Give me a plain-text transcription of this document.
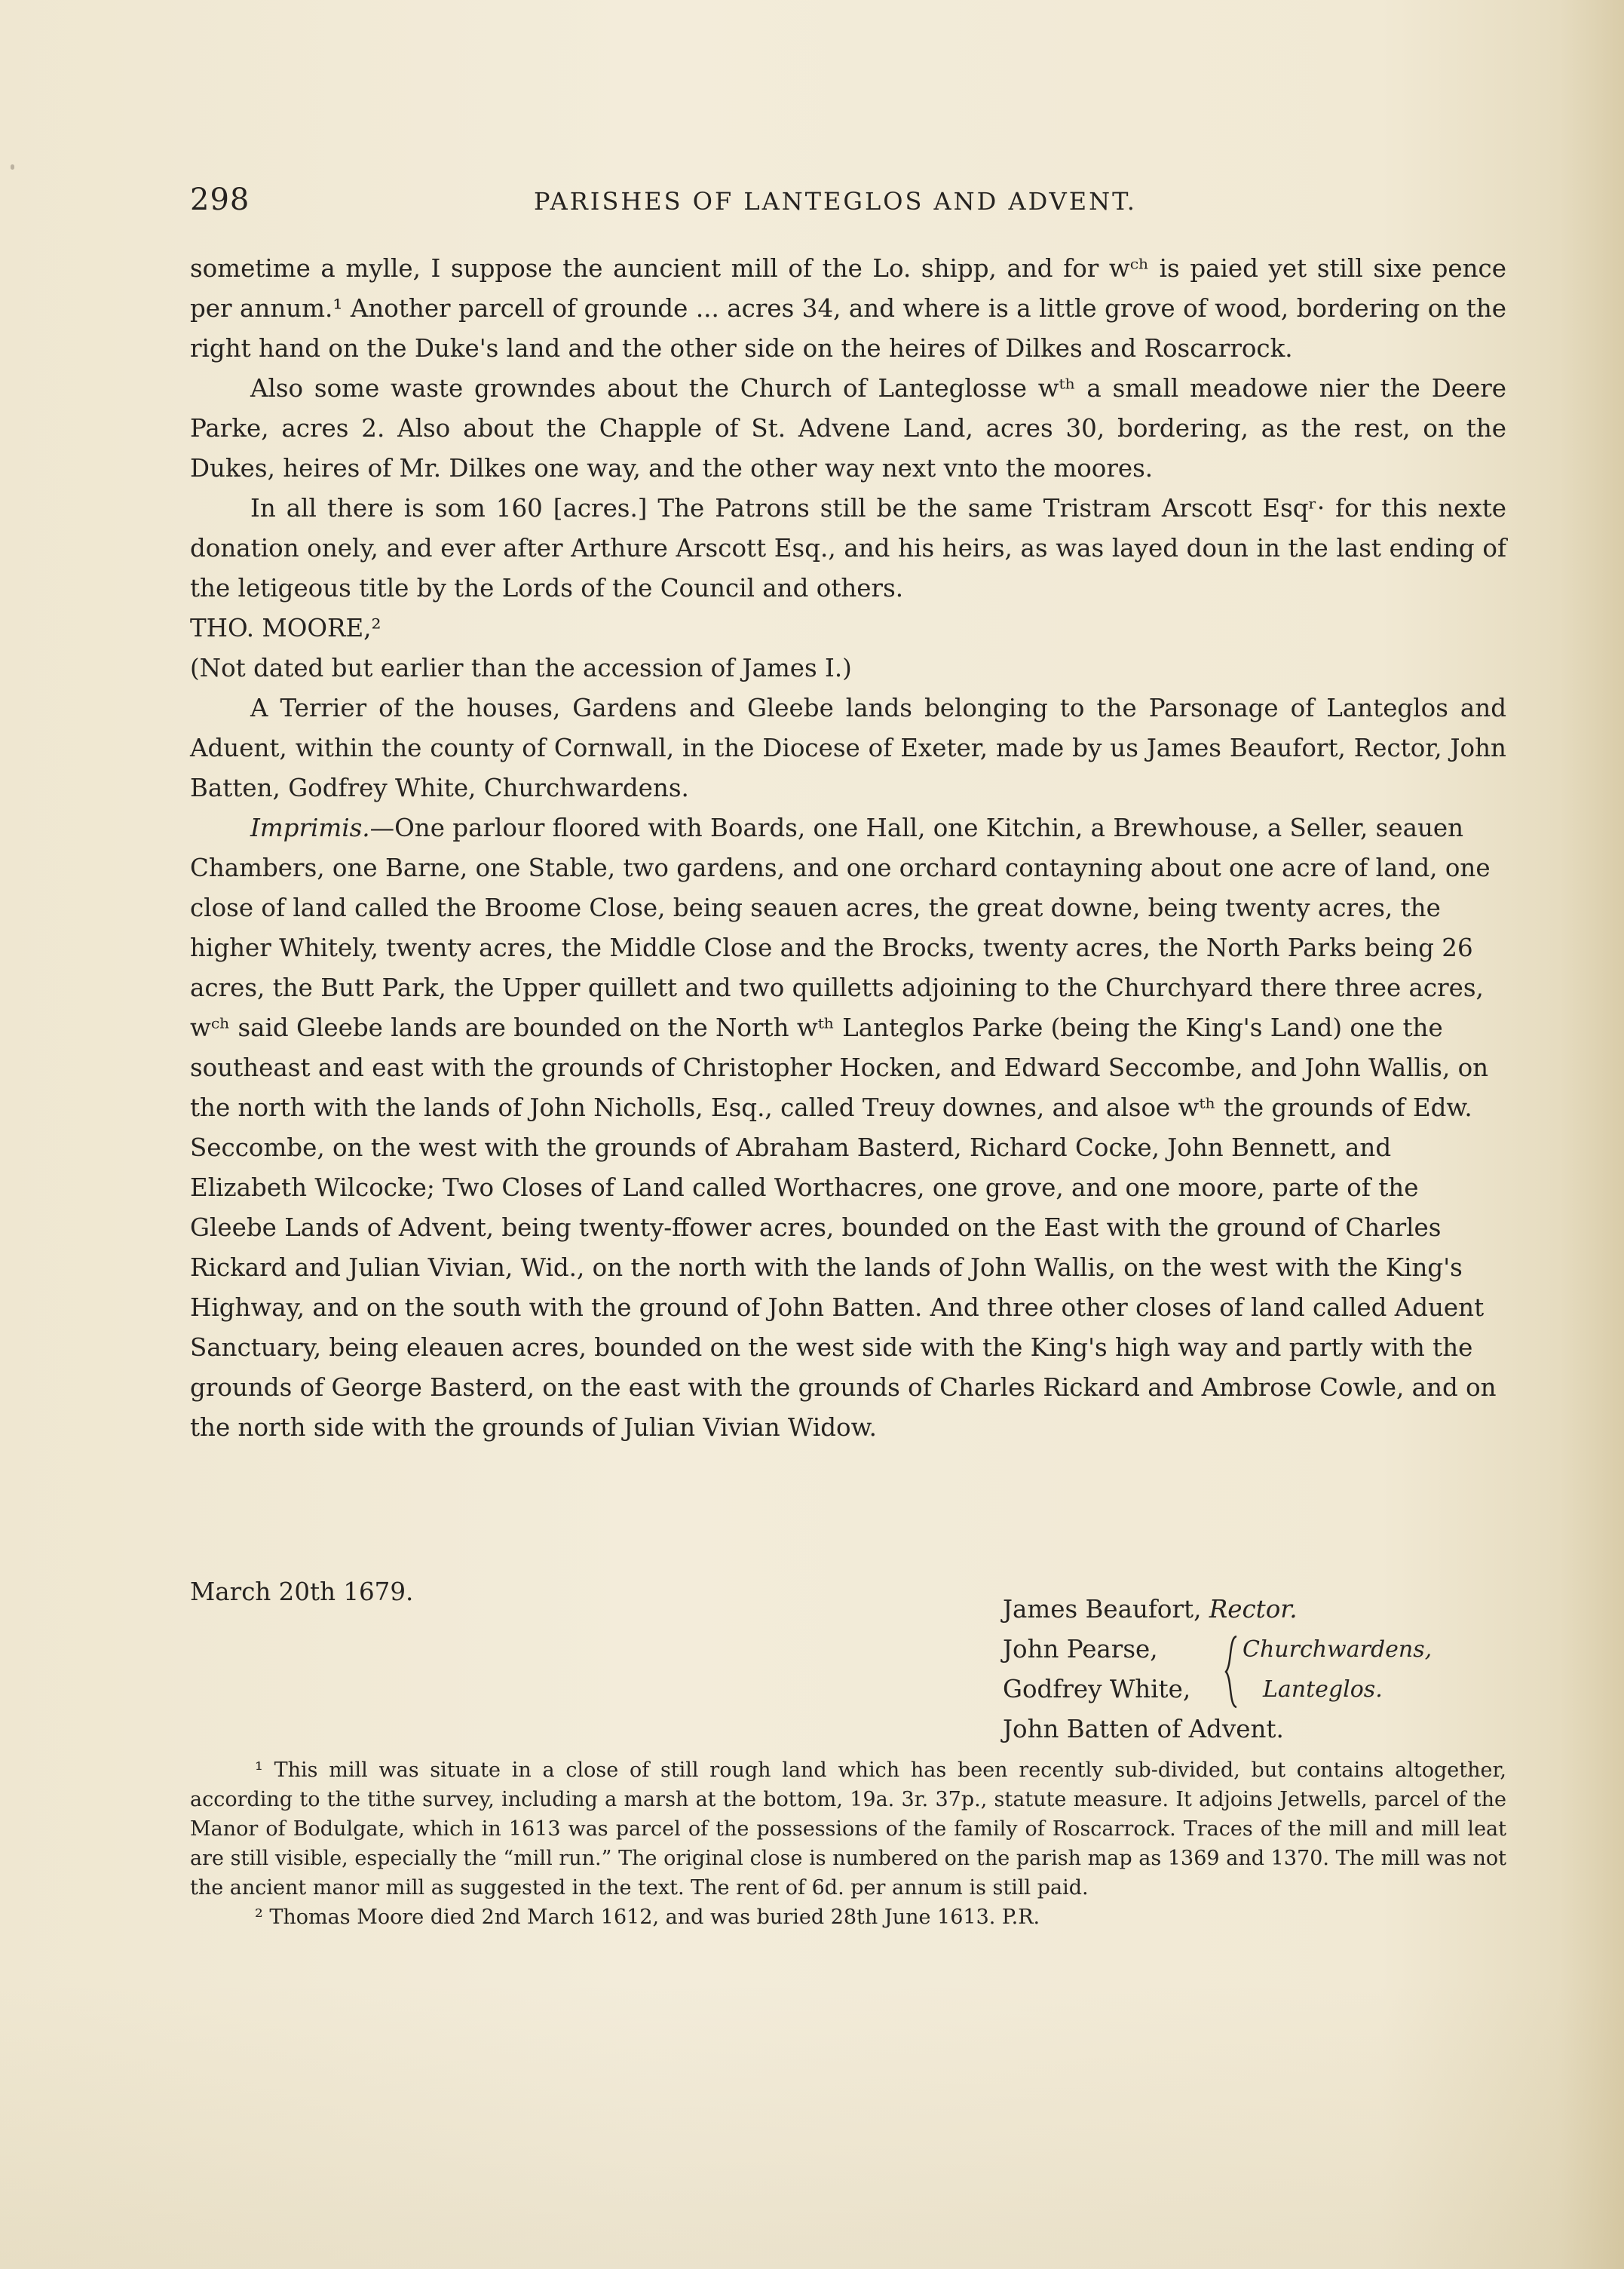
298	PARISHES OF LANTEGLOS AND ADVENT.

sometime a mylle, I suppose the auncient mill of the Lo. shipp, and for wᶜʰ is paied yet still sixe pence per annum.¹ Another parcell of grounde ... acres 34, and where is a little grove of wood, bordering on the right hand on the Duke's land and the other side on the heires of Dilkes and Roscarrock.

Also some waste growndes about the Church of Lanteglosse wᵗʰ a small meadowe nier the Deere Parke, acres 2. Also about the Chapple of St. Advene Land, acres 30, bordering, as the rest, on the Dukes, heires of Mr. Dilkes one way, and the other way next vnto the moores.

In all there is som 160 [acres.] The Patrons still be the same Tristram Arscott Esqʳ· for this nexte donation onely, and ever after Arthure Arscott Esq., and his heirs, as was layed doun in the last ending of the letigeous title by the Lords of the Council and others.

THO. MOORE,²

(Not dated but earlier than the accession of James I.)

A Terrier of the houses, Gardens and Gleebe lands belonging to the Parsonage of Lanteglos and Aduent, within the county of Cornwall, in the Diocese of Exeter, made by us James Beaufort, Rector, John Batten, Godfrey White, Churchwardens.

Imprimis.—One parlour floored with Boards, one Hall, one Kitchin, a Brewhouse, a Seller, seauen Chambers, one Barne, one Stable, two gardens, and one orchard contayning about one acre of land, one close of land called the Broome Close, being seauen acres, the great downe, being twenty acres, the higher Whitely, twenty acres, the Middle Close and the Brocks, twenty acres, the North Parks being 26 acres, the Butt Park, the Upper quillett and two quilletts adjoining to the Churchyard there three acres, wᶜʰ said Gleebe lands are bounded on the North wᵗʰ Lanteglos Parke (being the King's Land) one the southeast and east with the grounds of Christopher Hocken, and Edward Seccombe, and John Wallis, on the north with the lands of John Nicholls, Esq., called Treuy downes, and alsoe wᵗʰ the grounds of Edw. Seccombe, on the west with the grounds of Abraham Basterd, Richard Cocke, John Bennett, and Elizabeth Wilcocke; Two Closes of Land called Worthacres, one grove, and one moore, parte of the Gleebe Lands of Advent, being twenty-ffower acres, bounded on the East with the ground of Charles Rickard and Julian Vivian, Wid., on the north with the lands of John Wallis, on the west with the King's Highway, and on the south with the ground of John Batten. And three other closes of land called Aduent Sanctuary, being eleauen acres, bounded on the west side with the King's high way and partly with the grounds of George Basterd, on the east with the grounds of Charles Rickard and Ambrose Cowle, and on the north side with the grounds of Julian Vivian Widow.

March 20th 1679.
James Beaufort, Rector.
John Pearse,	Churchwardens,
Godfrey White,	Lanteglos.
John Batten of Advent.

¹ This mill was situate in a close of still rough land which has been recently sub-divided, but contains altogether, according to the tithe survey, including a marsh at the bottom, 19a. 3r. 37p., statute measure. It adjoins Jetwells, parcel of the Manor of Bodulgate, which in 1613 was parcel of the possessions of the family of Roscarrock. Traces of the mill and mill leat are still visible, especially the “mill run.” The original close is numbered on the parish map as 1369 and 1370. The mill was not the ancient manor mill as suggested in the text. The rent of 6d. per annum is still paid.

² Thomas Moore died 2nd March 1612, and was buried 28th June 1613. P.R.
